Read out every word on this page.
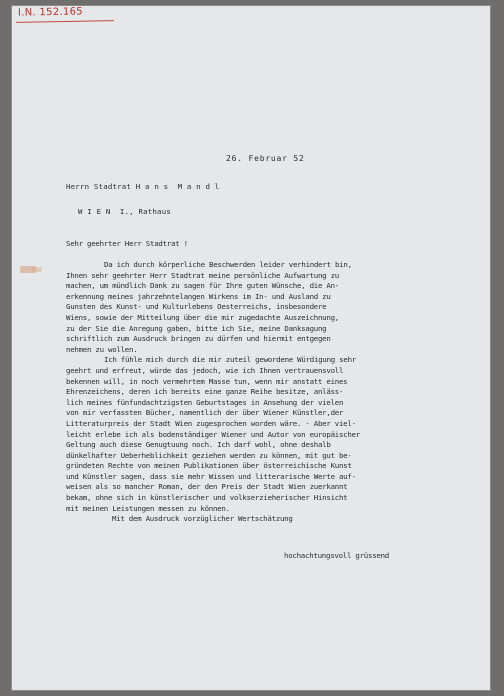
I.N. 152.165
26. Februar 52
Herrn Stadtrat H a n s  M a n d l
W I E N  I., Rathaus
Sehr geehrter Herr Stadtrat !

Da ich durch körperliche Beschwerden leider verhindert bin,

Ihnen sehr geehrter Herr Stadtrat meine persönliche Aufwartung zu

machen, um mündlich Dank zu sagen für Ihre guten Wünsche, die An-

erkennung meines jahrzehntelangen Wirkens im In- und Ausland zu

Gunsten des Kunst- und Kulturlebens Oesterreichs, insbesondere

Wiens, sowie der Mitteilung über die mir zugedachte Auszeichnung,

zu der Sie die Anregung gaben, bitte ich Sie, meine Danksagung

schriftlich zum Ausdruck bringen zu dürfen und hiermit entgegen

nehmen zu wollen.

Ich fühle mich durch die mir zuteil gewordene Würdigung sehr

geehrt und erfreut, würde das jedoch, wie ich Ihnen vertrauensvoll

bekennen will, in noch vermehrtem Masse tun, wenn mir anstatt eines

Ehrenzeichens, deren ich bereits eine ganze Reihe besitze, anläss-

lich meines fünfundachtzigsten Geburtstages in Ansehung der vielen

von mir verfassten Bücher, namentlich der über Wiener Künstler,der

Litteraturpreis der Stadt Wien zugesprochen worden wäre. - Aber viel-

leicht erlebe ich als bodenständiger Wiener und Autor von europäischer

Geltung auch diese Genugtuung noch. Ich darf wohl, ohne deshalb

dünkelhafter Ueberheblichkeit geziehen werden zu können, mit gut be-

gründeten Rechte von meinen Publikationen über österreichische Kunst

und Künstler sagen, dass sie mehr Wissen und litterarische Werte auf-

weisen als so mancher Roman, der den Preis der Stadt Wien zuerkannt

bekam, ohne sich in künstlerischer und volkserzieherischer Hinsicht

mit meinen Leistungen messen zu können.

Mit dem Ausdruck vorzüglicher Wertschätzung

hochachtungsvoll grüssend
